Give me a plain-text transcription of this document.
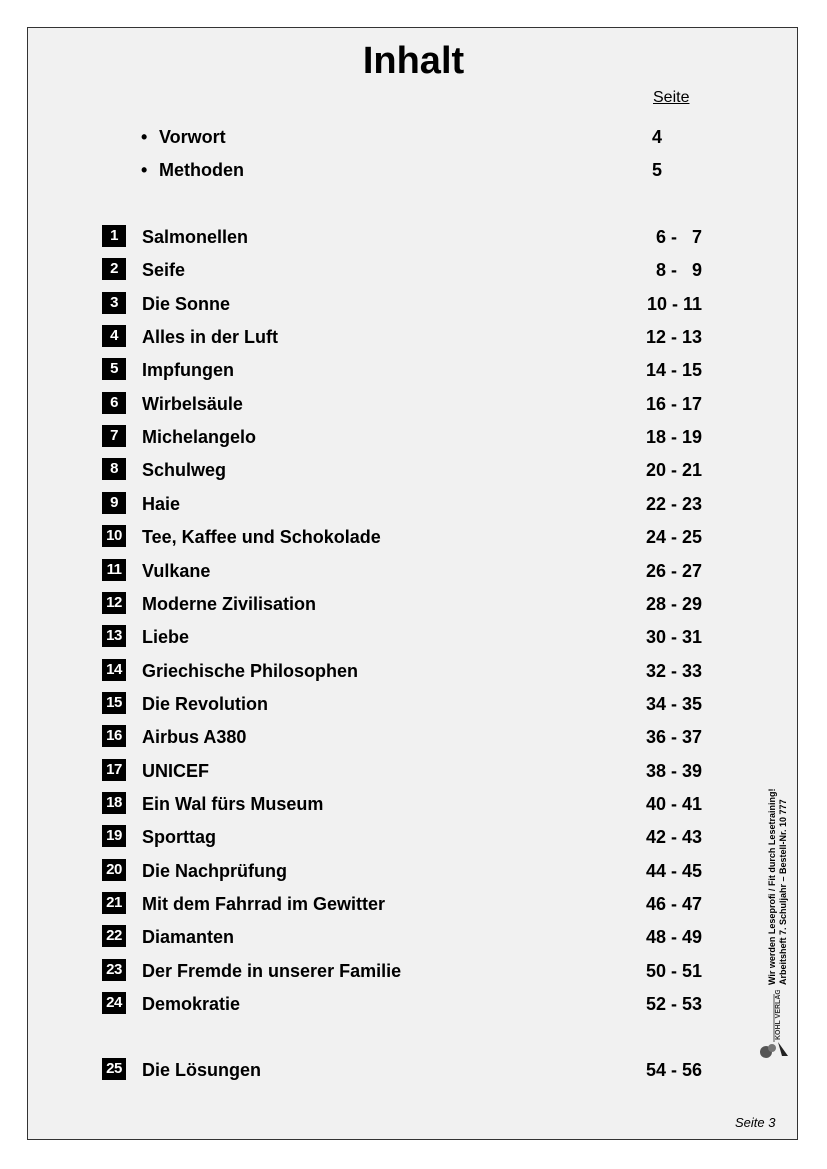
Inhalt
Seite
• Vorwort	4
• Methoden	5
1	Salmonellen	6 -   7
2	Seife	8 -   9
3	Die Sonne	10 - 11
4	Alles in der Luft	12 - 13
5	Impfungen	14 - 15
6	Wirbelsäule	16 - 17
7	Michelangelo	18 - 19
8	Schulweg	20 - 21
9	Haie	22 - 23
10 Tee, Kaffee und Schokolade	24 - 25
11 Vulkane	26 - 27
12 Moderne Zivilisation	28 - 29
13 Liebe	30 - 31
14 Griechische Philosophen	32 - 33
15 Die Revolution	34 - 35
16 Airbus A380	36 - 37
17 UNICEF	38 - 39
18 Ein Wal fürs Museum	40 - 41
19 Sporttag	42 - 43
20 Die Nachprüfung	44 - 45
21 Mit dem Fahrrad im Gewitter	46 - 47
22 Diamanten	48 - 49
23 Der Fremde in unserer Familie	50 - 51
24 Demokratie	52 - 53
25 Die Lösungen	54 - 56
Wir werden Leseprofi / Fit durch Lesetraining! Arbeitsheft 7. Schuljahr – Bestell-Nr. 10 777
KOHL VERLAG
Seite 3
